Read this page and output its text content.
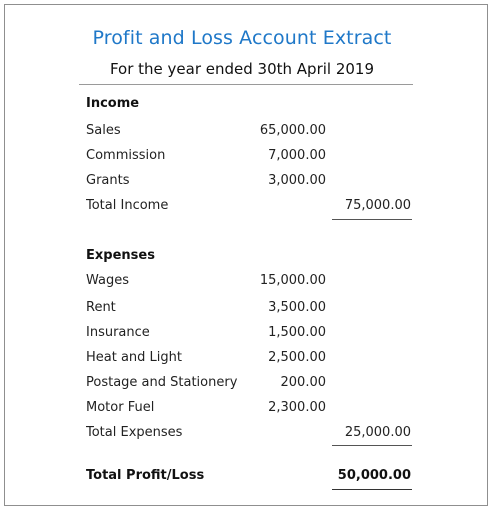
Profit and Loss Account Extract
For the year ended 30th April 2019
Income
Sales	65,000.00
Commission	7,000.00
Grants	3,000.00
Total Income	75,000.00
Expenses
Wages	15,000.00
Rent	3,500.00
Insurance	1,500.00
Heat and Light	2,500.00
Postage and Stationery	200.00
Motor Fuel	2,300.00
Total Expenses	25,000.00
Total Profit/Loss	50,000.00
